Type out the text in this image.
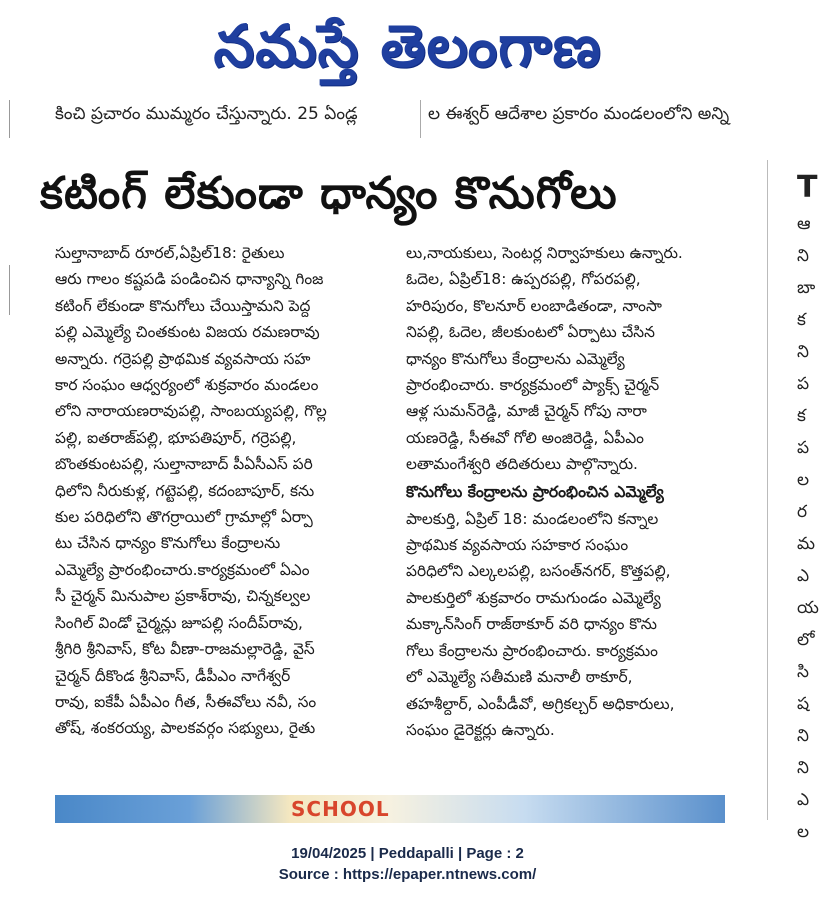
నమస్తే తెలంగాణ
కించి ప్రచారం ముమ్మరం చేస్తున్నారు. 25 ఏండ్ల	ల ఈశ్వర్ ఆదేశాల ప్రకారం మండలంలోని అన్ని
T
ఆ
ని
బా
క
ని
ప
క
ప
ల
ర
మ
ఎ
య
లో
సి
ష
ని
ని
ఎ
ల
కటింగ్ లేకుండా ధాన్యం కొనుగోలు
సుల్తానాబాద్ రూరల్,ఏప్రిల్18: రైతులు
ఆరు గాలం కష్టపడి పండించిన ధాన్యాన్ని గింజ
కటింగ్ లేకుండా కొనుగోలు చేయిస్తామని పెద్ద
పల్లి ఎమ్మెల్యే చింతకుంట విజయ రమణరావు
అన్నారు. గర్రెపల్లి ప్రాథమిక వ్యవసాయ సహ
కార సంఘం ఆధ్వర్యంలో శుక్రవారం మండలం
లోని నారాయణరావుపల్లి, సాంబయ్యపల్లి, గొల్ల
పల్లి, ఐతరాజ్‌పల్లి, భూపతిపూర్, గర్రెపల్లి,
బొంతకుంటపల్లి, సుల్తానాబాద్ పీఏసీఎస్ పరి
ధిలోని నీరుకుళ్ల, గట్టెపల్లి, కదంబాపూర్, కను
కుల పరిధిలోని తొగర్రాయిలో గ్రామాల్లో ఏర్పా
టు చేసిన ధాన్యం కొనుగోలు కేంద్రాలను
ఎమ్మెల్యే ప్రారంభించారు.కార్యక్రమంలో ఏఎం
సీ చైర్మన్ మినుపాల ప్రకాశ్‌రావు, చిన్నకల్వల
సింగిల్ విండో చైర్మన్లు జూపల్లి సందీప్‌రావు,
శ్రీగిరి శ్రీనివాస్, కోట వీణా-రాజమల్లారెడ్డి, వైస్
చైర్మన్ దీకొండ శ్రీనివాస్, డీపీఎం నాగేశ్వర్
రావు, ఐకేపీ ఏపీఎం గీత, సీఈవోలు నవీ, సం
తోష్, శంకరయ్య, పాలకవర్గం సభ్యులు, రైతు
లు,నాయకులు, సెంటర్ల నిర్వాహకులు ఉన్నారు.
ఓదెల, ఏప్రిల్18: ఉప్పరపల్లి, గోపరపల్లి,
హరిపురం, కొలనూర్ లంబాడితండా, నాంసా
నిపల్లి, ఓదెల, జీలకుంటలో ఏర్పాటు చేసిన
ధాన్యం కొనుగోలు కేంద్రాలను ఎమ్మెల్యే
ప్రారంభించారు. కార్యక్రమంలో ప్యాక్స్ చైర్మన్
ఆళ్ల సుమన్‌రెడ్డి, మాజీ చైర్మన్ గోపు నారా
యణరెడ్డి, సీఈవో గోలి అంజిరెడ్డి, ఏపీఎం
లతామంగేశ్వరి తదితరులు పాల్గొన్నారు.
కొనుగోలు కేంద్రాలను ప్రారంభించిన ఎమ్మెల్యే
పాలకుర్తి, ఏప్రిల్ 18: మండలంలోని కన్నాల
ప్రాథమిక వ్యవసాయ సహకార సంఘం
పరిధిలోని ఎల్కలపల్లి, బసంత్‌నగర్, కొత్తపల్లి,
పాలకుర్తిలో శుక్రవారం రామగుండం ఎమ్మెల్యే
మక్కాన్‌సింగ్ రాజ్‌ఠాకూర్ వరి ధాన్యం కొను
గోలు కేంద్రాలను ప్రారంభించారు. కార్యక్రమం
లో ఎమ్మెల్యే సతీమణి మనాలీ ఠాకూర్,
తహశీల్దార్, ఎంపీడీవో, అగ్రికల్చర్ అధికారులు,
సంఘం డైరెక్టర్లు ఉన్నారు.
SCHOOL
19/04/2025 | Peddapalli | Page : 2
Source : https://epaper.ntnews.com/
